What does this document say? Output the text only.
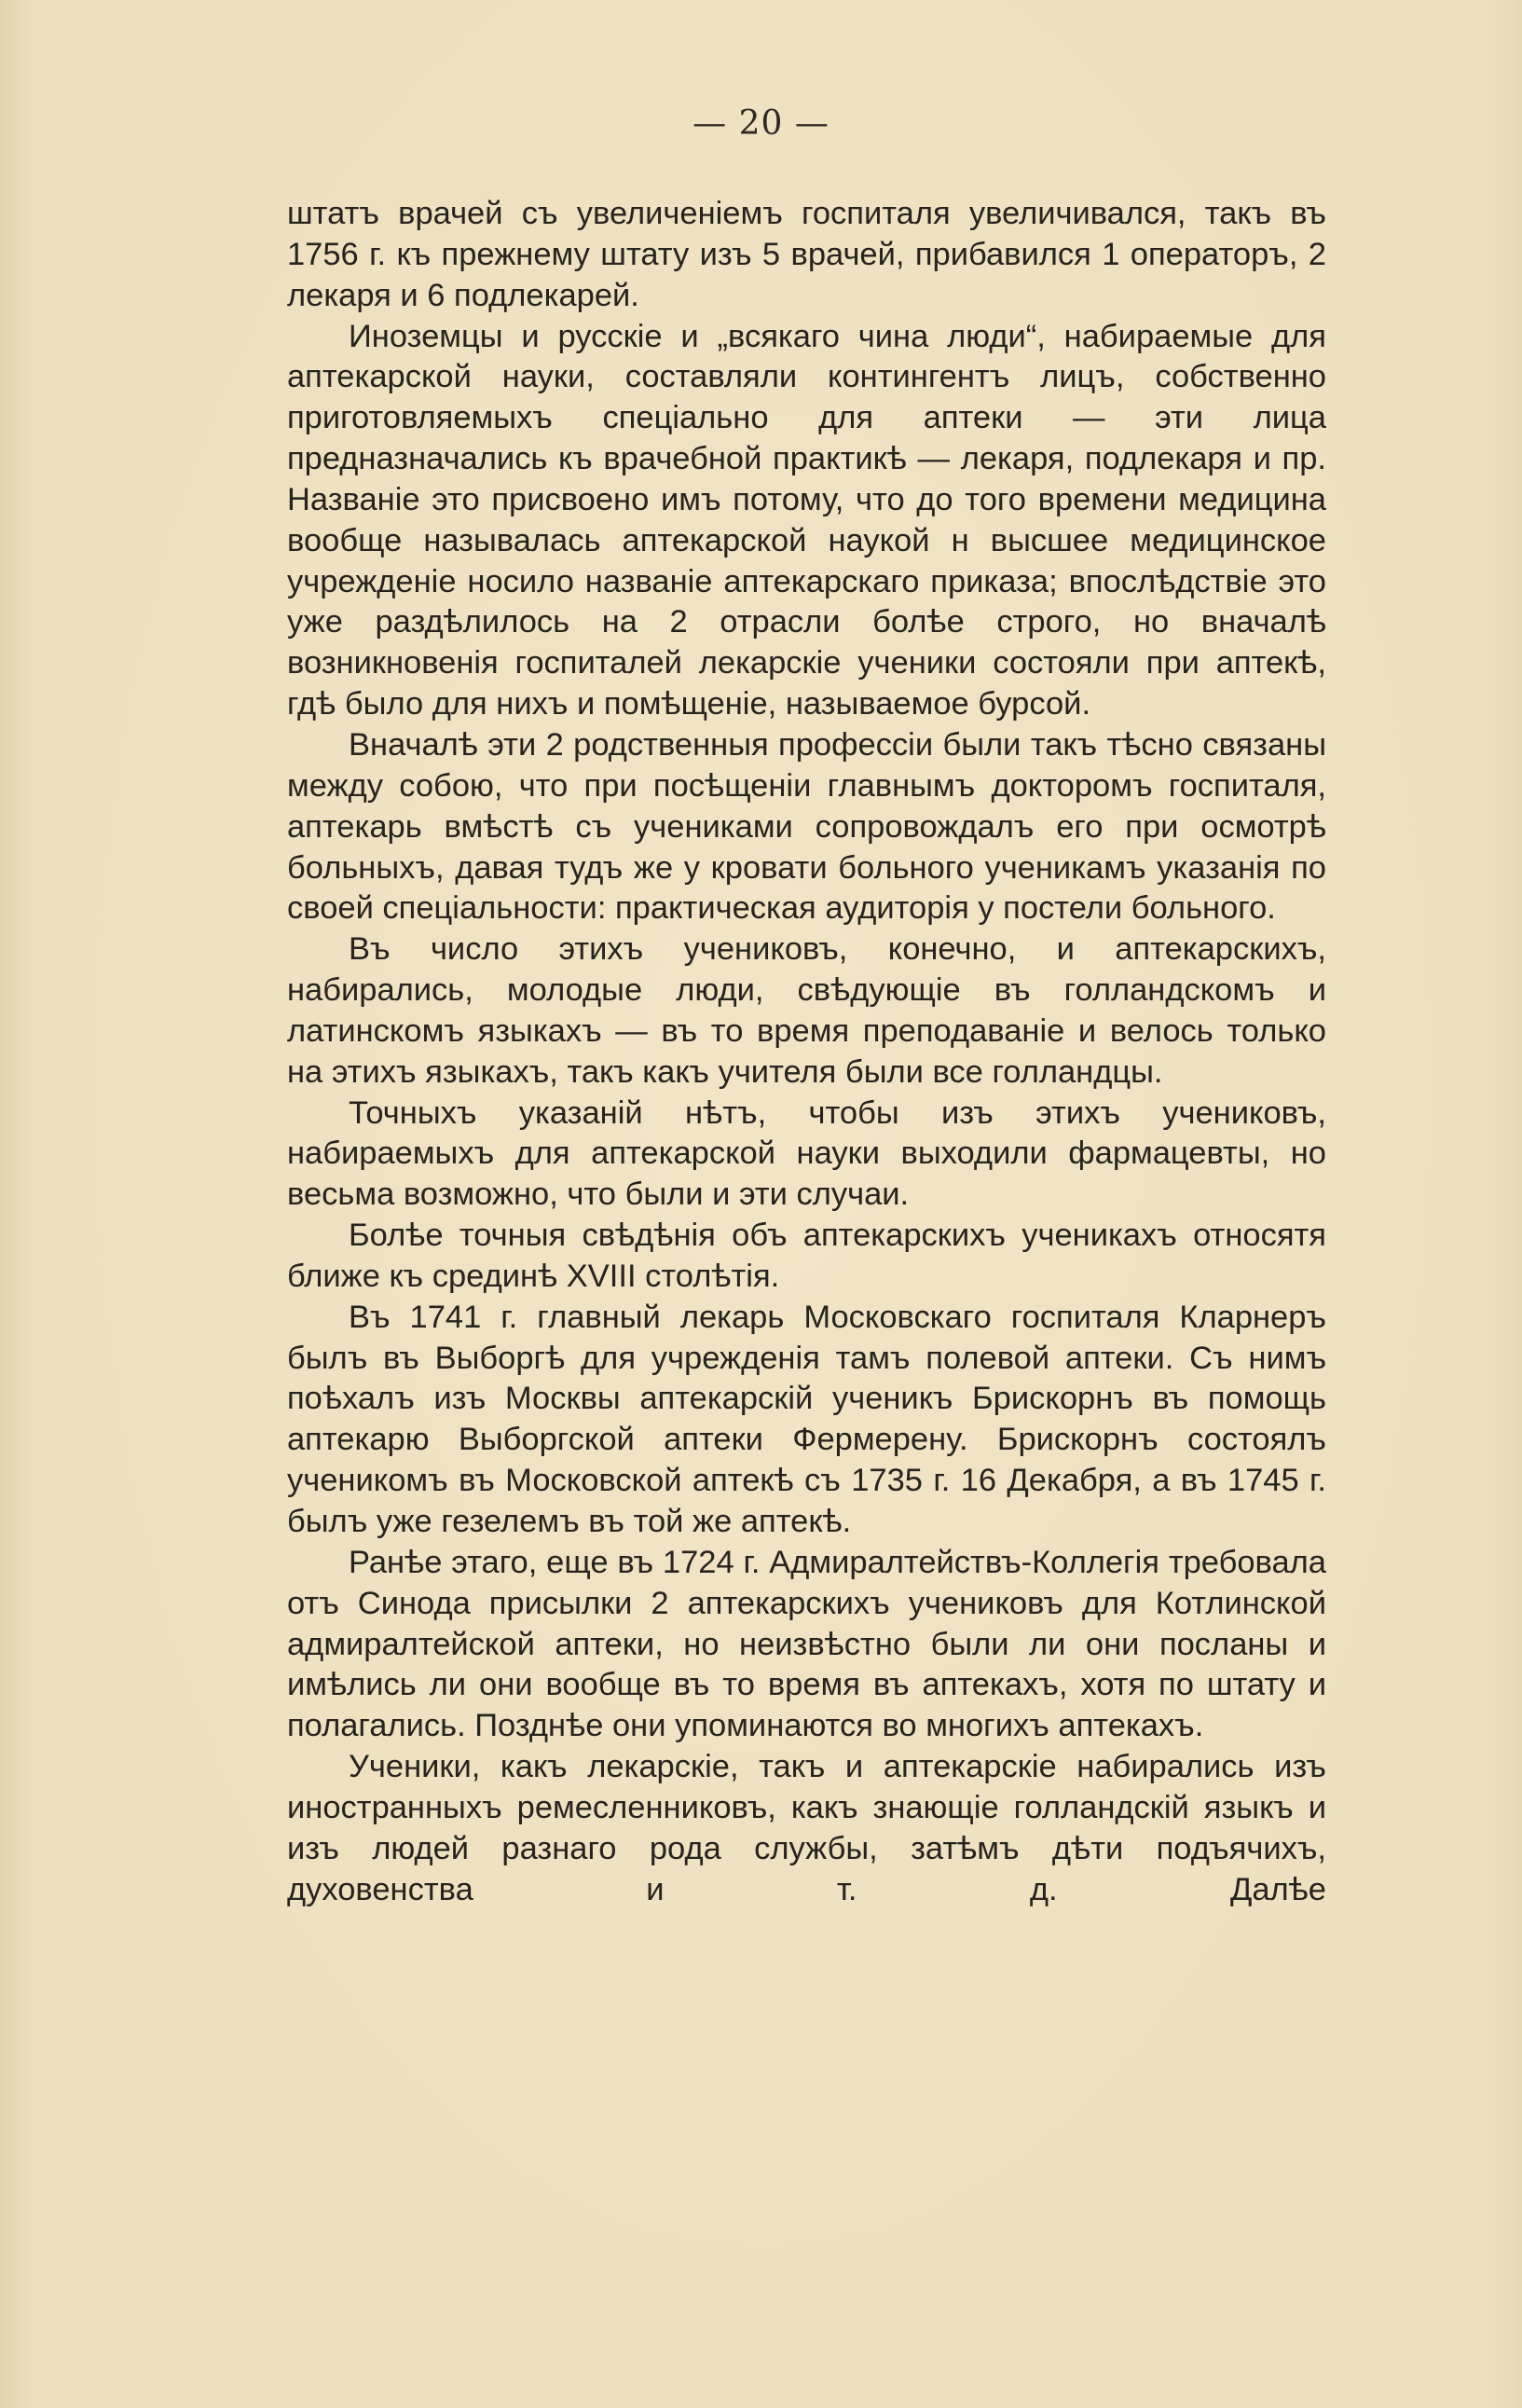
— 20 —

штатъ врачей съ увеличеніемъ госпиталя увеличивался, такъ въ 1756 г. къ прежнему штату изъ 5 врачей, прибавился 1 операторъ, 2 лекаря и 6 подлекарей.

Иноземцы и русскіе и „всякаго чина люди“, набираемые для аптекарской науки, составляли контингентъ лицъ, собственно приготовляемыхъ спеціально для аптеки — эти лица предназначались къ врачебной практикѣ — лекаря, подлекаря и пр. Названіе это присвоено имъ потому, что до того времени медицина вообще называлась аптекарской наукой н высшее медицинское учрежденіе носило названіе аптекарскаго приказа; впослѣдствіе это уже раздѣлилось на 2 отрасли болѣе строго, но вначалѣ возникновенія госпиталей лекарскіе ученики состояли при аптекѣ, гдѣ было для нихъ и помѣщеніе, называемое бурсой.

Вначалѣ эти 2 родственныя профессіи были такъ тѣсно связаны между собою, что при посѣщеніи главнымъ докторомъ госпиталя, аптекарь вмѣстѣ съ учениками сопровождалъ его при осмотрѣ больныхъ, давая тудъ же у кровати больного ученикамъ указанія по своей спеціальности: практическая аудиторія у постели больного.

Въ число этихъ учениковъ, конечно, и аптекарскихъ, набирались, молодые люди, свѣдующіе въ голландскомъ и латинскомъ языкахъ — въ то время преподаваніе и велось только на этихъ языкахъ, такъ какъ учителя были все голландцы.

Точныхъ указаній нѣтъ, чтобы изъ этихъ учениковъ, набираемыхъ для аптекарской науки выходили фармацевты, но весьма возможно, что были и эти случаи.

Болѣе точныя свѣдѣнія объ аптекарскихъ ученикахъ относятя ближе къ срединѣ XVIII столѣтія.

Въ 1741 г. главный лекарь Московскаго госпиталя Кларнеръ былъ въ Выборгѣ для учрежденія тамъ полевой аптеки. Съ нимъ поѣхалъ изъ Москвы аптекарскій ученикъ Брискорнъ въ помощь аптекарю Выборгской аптеки Фермерену. Брискорнъ состоялъ ученикомъ въ Московской аптекѣ съ 1735 г. 16 Декабря, а въ 1745 г. былъ уже гезелемъ въ той же аптекѣ.

Ранѣе этаго, еще въ 1724 г. Адмиралтействъ-Коллегія требовала отъ Синода присылки 2 аптекарскихъ учениковъ для Котлинской адмиралтейской аптеки, но неизвѣстно были ли они посланы и имѣлись ли они вообще въ то время въ аптекахъ, хотя по штату и полагались. Позднѣе они упоминаются во многихъ аптекахъ.

Ученики, какъ лекарскіе, такъ и аптекарскіе набирались изъ иностранныхъ ремесленниковъ, какъ знающіе голландскій языкъ и изъ людей разнаго рода службы, затѣмъ дѣти подъячихъ, духовенства и т. д. Далѣе
